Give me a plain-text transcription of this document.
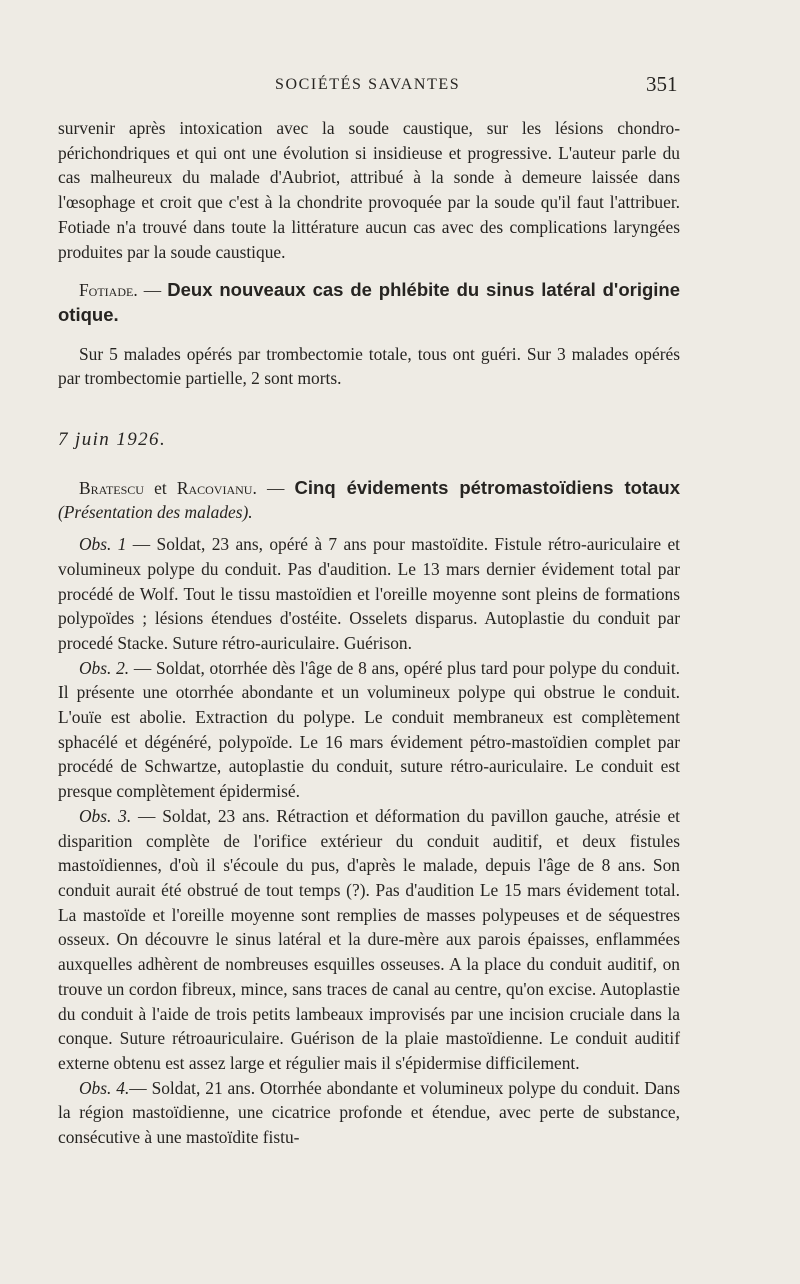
SOCIÉTÉS SAVANTES	351

survenir après intoxication avec la soude caustique, sur les lésions chondro-périchondriques et qui ont une évolution si insidieuse et progressive. L'auteur parle du cas malheureux du malade d'Aubriot, attribué à la sonde à demeure laissée dans l'œsophage et croit que c'est à la chondrite provoquée par la soude qu'il faut l'attribuer. Fotiade n'a trouvé dans toute la littérature aucun cas avec des complications laryngées produites par la soude caustique.

Fotiade. — Deux nouveaux cas de phlébite du sinus latéral d'origine otique.

Sur 5 malades opérés par trombectomie totale, tous ont guéri. Sur 3 malades opérés par trombectomie partielle, 2 sont morts.

7 juin 1926.

Bratescu et Racovianu. — Cinq évidements pétromastoïdiens totaux (Présentation des malades).

Obs. 1 — Soldat, 23 ans, opéré à 7 ans pour mastoïdite. Fistule rétro-auriculaire et volumineux polype du conduit. Pas d'audition. Le 13 mars dernier évidement total par procédé de Wolf. Tout le tissu mastoïdien et l'oreille moyenne sont pleins de formations polypoïdes ; lésions étendues d'ostéite. Osselets disparus. Autoplastie du conduit par procedé Stacke. Suture rétro-auriculaire. Guérison.

Obs. 2. — Soldat, otorrhée dès l'âge de 8 ans, opéré plus tard pour polype du conduit. Il présente une otorrhée abondante et un volumineux polype qui obstrue le conduit. L'ouïe est abolie. Extraction du polype. Le conduit membraneux est complètement sphacélé et dégénéré, polypoïde. Le 16 mars évidement pétro-mastoïdien complet par procédé de Schwartze, autoplastie du conduit, suture rétro-auriculaire. Le conduit est presque complètement épidermisé.

Obs. 3. — Soldat, 23 ans. Rétraction et déformation du pavillon gauche, atrésie et disparition complète de l'orifice extérieur du conduit auditif, et deux fistules mastoïdiennes, d'où il s'écoule du pus, d'après le malade, depuis l'âge de 8 ans. Son conduit aurait été obstrué de tout temps (?). Pas d'audition Le 15 mars évidement total. La mastoïde et l'oreille moyenne sont remplies de masses polypeuses et de séquestres osseux. On découvre le sinus latéral et la dure-mère aux parois épaisses, enflammées auxquelles adhèrent de nombreuses esquilles osseuses. A la place du conduit auditif, on trouve un cordon fibreux, mince, sans traces de canal au centre, qu'on excise. Autoplastie du conduit à l'aide de trois petits lambeaux improvisés par une incision cruciale dans la conque. Suture rétroauriculaire. Guérison de la plaie mastoïdienne. Le conduit auditif externe obtenu est assez large et régulier mais il s'épidermise difficilement.

Obs. 4.— Soldat, 21 ans. Otorrhée abondante et volumineux polype du conduit. Dans la région mastoïdienne, une cicatrice profonde et étendue, avec perte de substance, consécutive à une mastoïdite fistu-
